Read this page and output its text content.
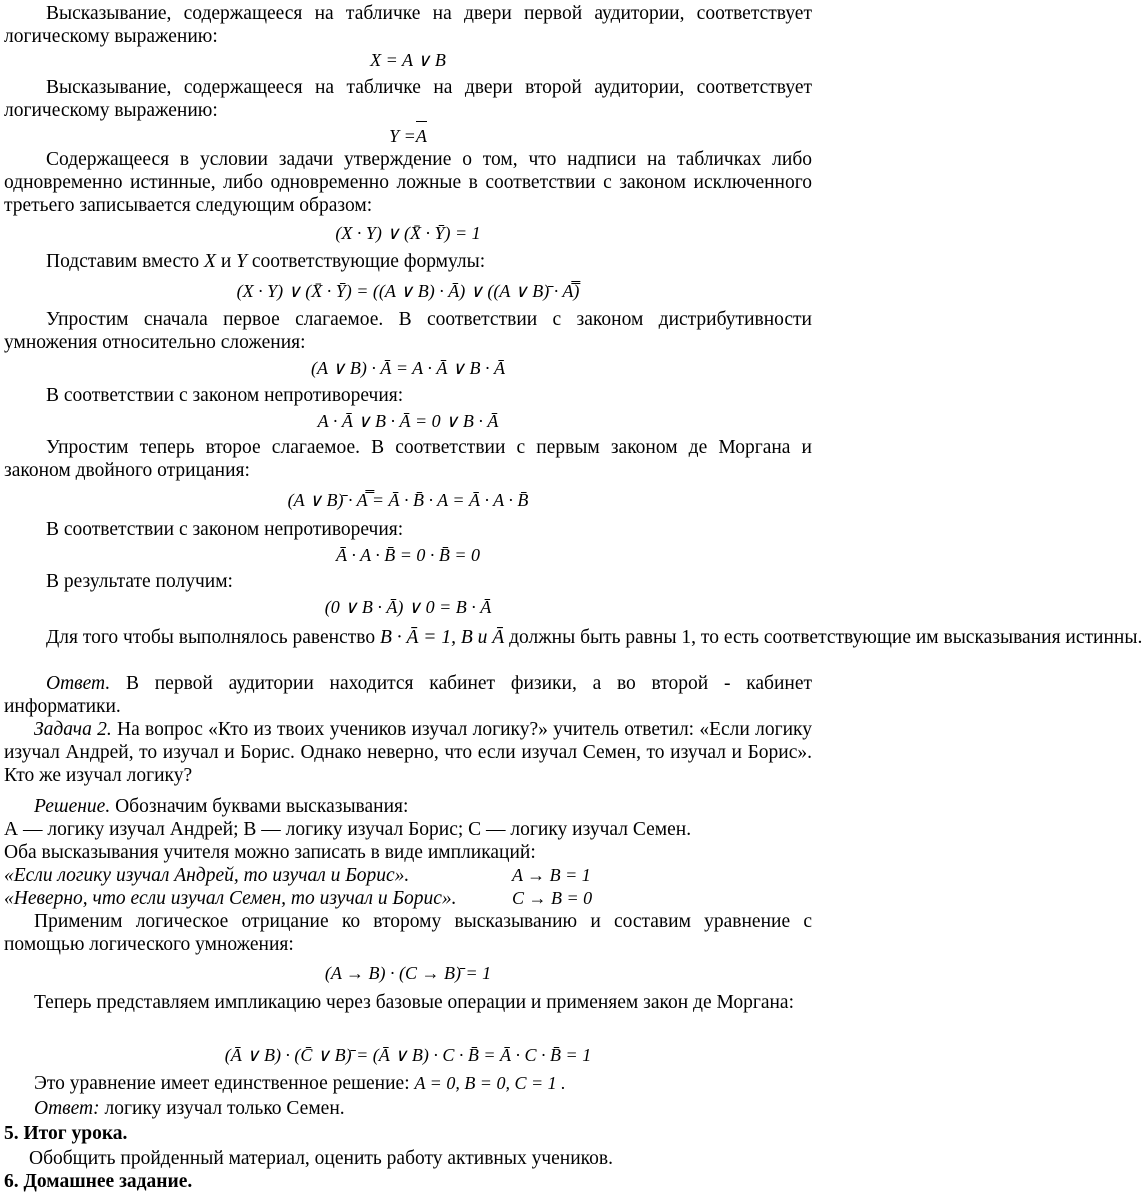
Высказывание, содержащееся на табличке на двери первой аудитории, соответствует логическому выражению:
X = A ∨ B
Высказывание, содержащееся на табличке на двери второй аудитории, соответствует логическому выражению:
Y =A
Содержащееся в условии задачи утверждение о том, что надписи на табличках либо одновременно истинные, либо одновременно ложные в соответствии с законом исключенного третьего записывается следующим образом:
(X · Y) ∨ (X̄ · Ȳ) = 1
Подставим вместо X и Y соответствующие формулы:
(X · Y) ∨ (X̄ · Ȳ) = ((A ∨ B) · Ā) ∨ ((A ∨ B)̄ · A̿)
Упростим сначала первое слагаемое. В соответствии с законом дистрибутивности умножения относительно сложения:
(A ∨ B) · Ā = A · Ā ∨ B · Ā
В соответствии с законом непротиворечия:
A · Ā ∨ B · Ā = 0 ∨ B · Ā
Упростим теперь второе слагаемое. В соответствии с первым законом де Моргана и законом двойного отрицания:
(A ∨ B)̄ · A̿ = Ā · B̄ · A = Ā · A · B̄
В соответствии с законом непротиворечия:
Ā · A · B̄ = 0 · B̄ = 0
В результате получим:
(0 ∨ B · Ā) ∨ 0 = B · Ā
Для того чтобы выполнялось равенство B · Ā = 1, B и Ā должны быть равны 1, то есть соответствующие им высказывания истинны.
Ответ. В первой аудитории находится кабинет физики, а во второй - кабинет информатики.
Задача 2. На вопрос «Кто из твоих учеников изучал логику?» учитель ответил: «Если логику изучал Андрей, то изучал и Борис. Однако неверно, что если изучал Семен, то изучал и Борис». Кто же изучал логику?
Решение. Обозначим буквами высказывания:
А — логику изучал Андрей; В — логику изучал Борис; С — логику изучал Семен.
Оба высказывания учителя можно записать в виде импликаций:
«Если логику изучал Андрей, то изучал и Борис».	A → B = 1
«Неверно, что если изучал Семен, то изучал и Борис».	C → B = 0
Применим логическое отрицание ко второму высказыванию и составим уравнение с помощью логического умножения:
(A → B) · (C → B)̄ = 1
Теперь представляем импликацию через базовые операции и применяем закон де Моргана:
(Ā ∨ B) · (C̄ ∨ B)̄ = (Ā ∨ B) · C · B̄ = Ā · C · B̄ = 1
Это уравнение имеет единственное решение: A = 0, B = 0, C = 1 .
Ответ: логику изучал только Семен.
5. Итог урока.
Обобщить пройденный материал, оценить работу активных учеников.
6. Домашнее задание.
